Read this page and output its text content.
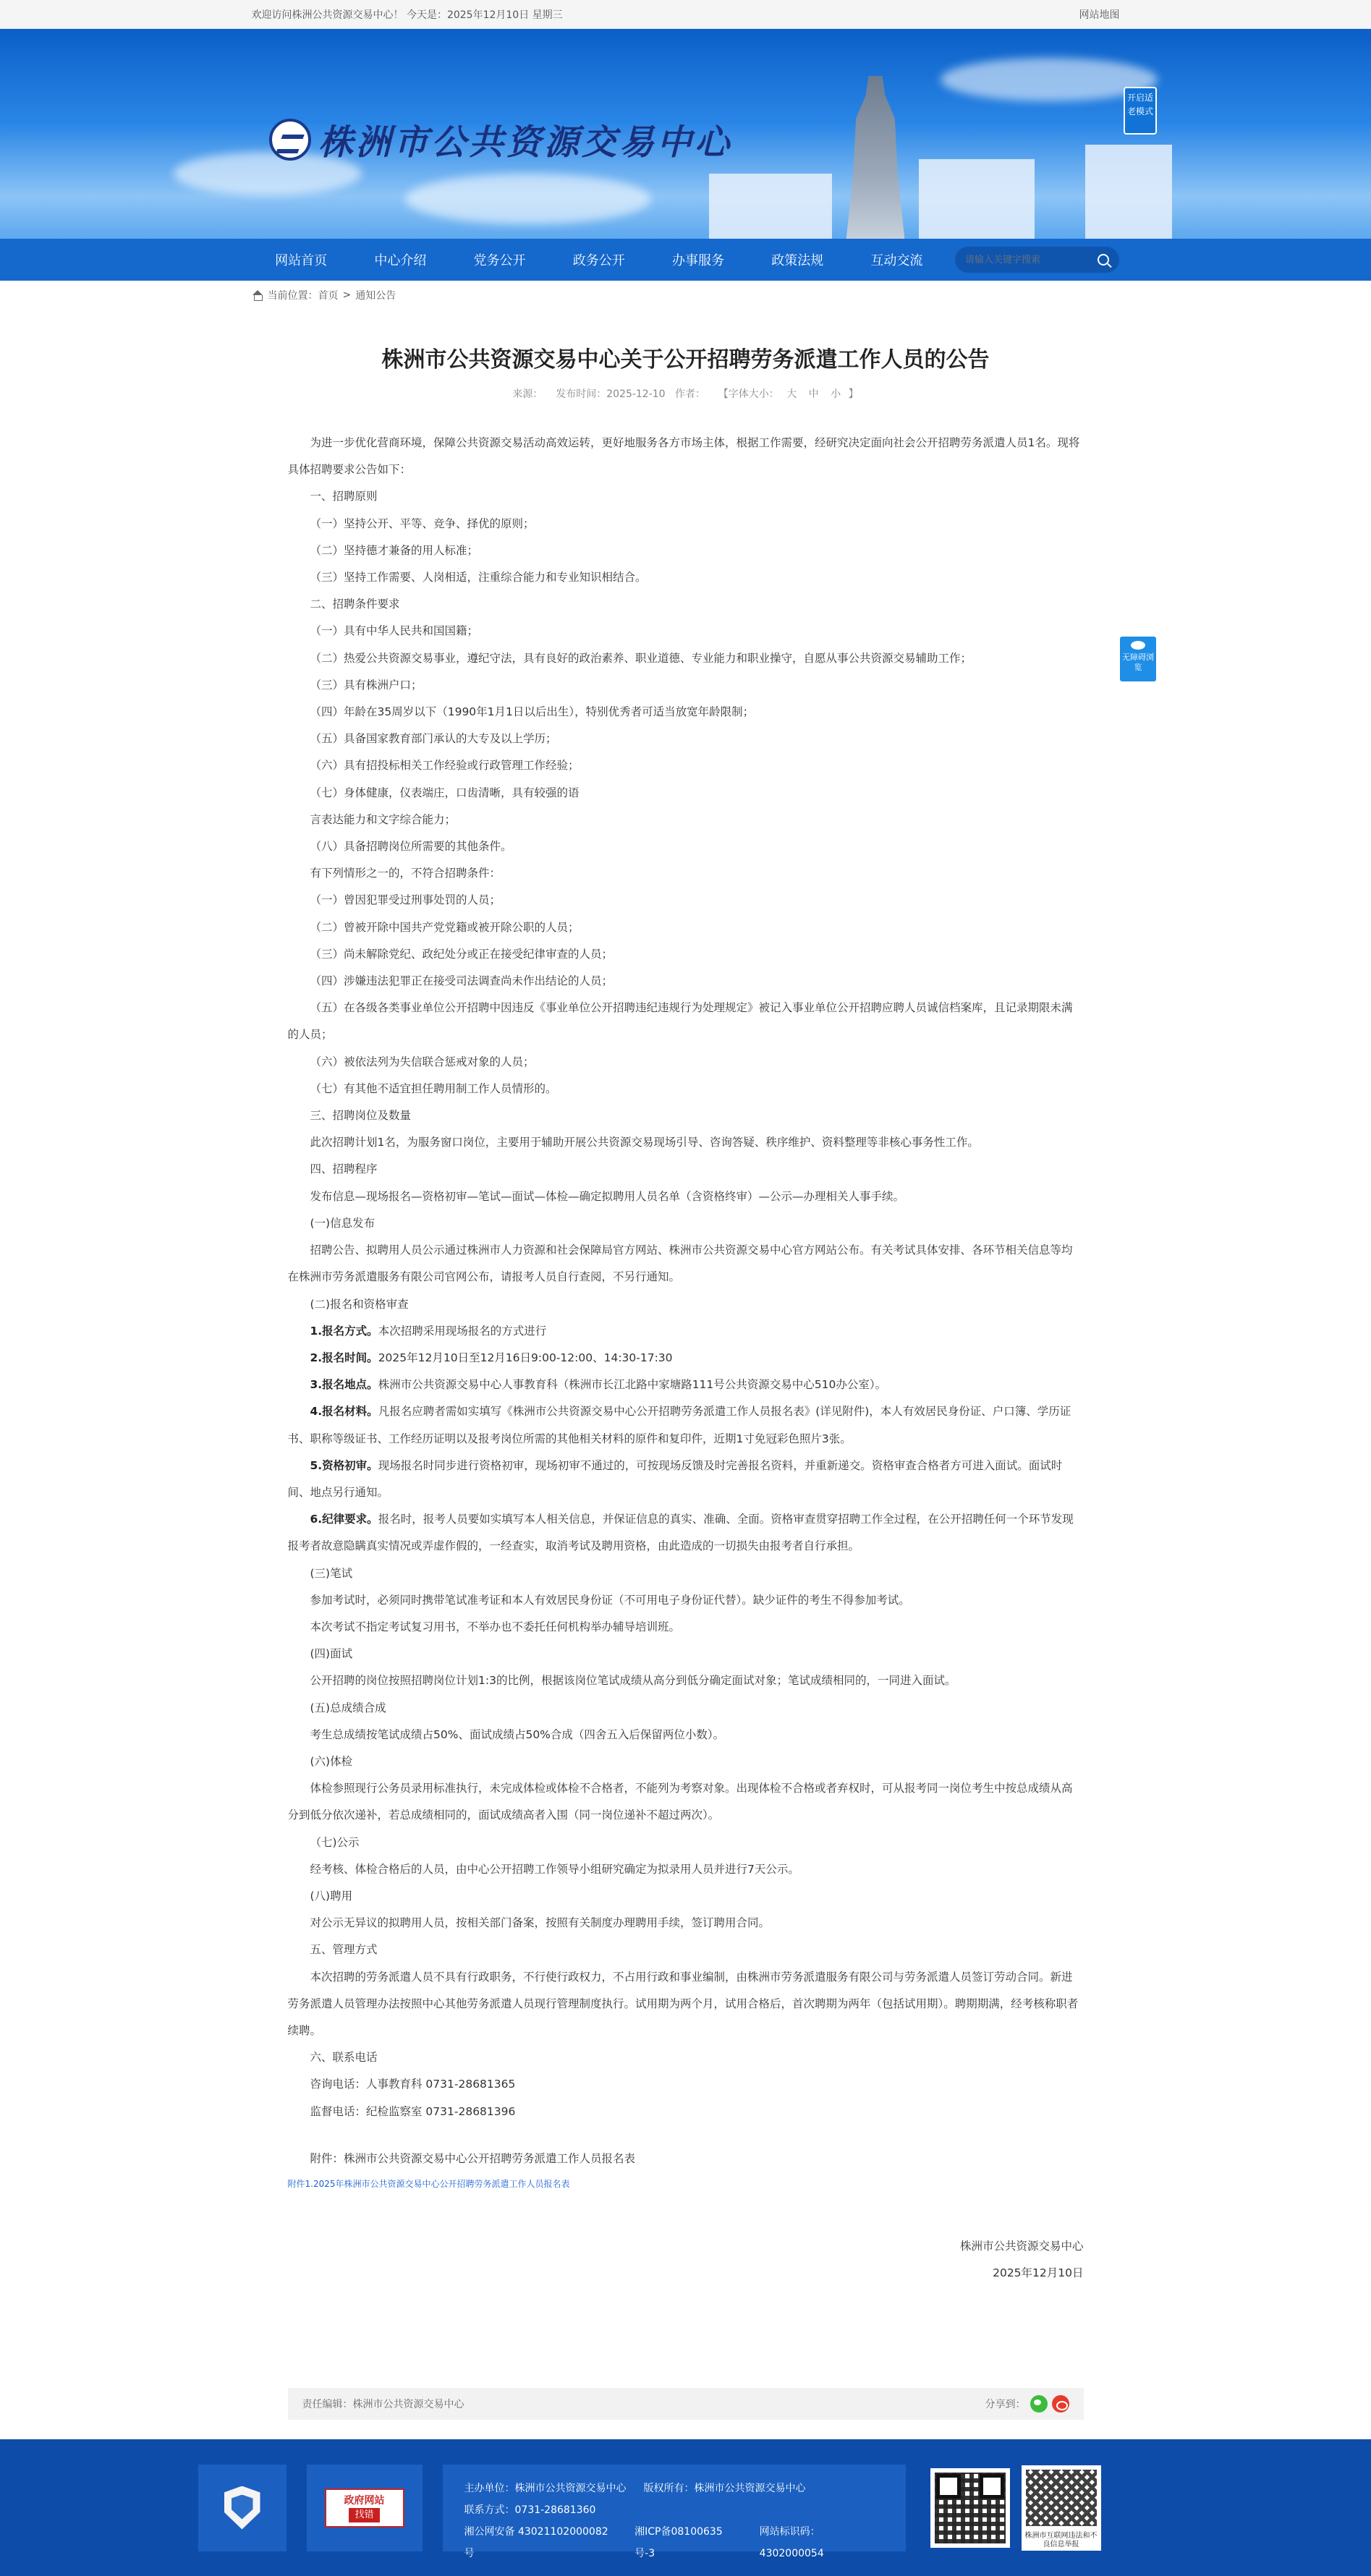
欢迎访问株洲公共资源交易中心！ 今天是：2025年12月10日 星期三	网站地图
株洲市公共资源交易中心
开启适老模式
网站首页	中心介绍	党务公开	政务公开	办事服务	政策法规	互动交流
请输入关键字搜索
当前位置： 首页 > 通知公告
株洲市公共资源交易中心关于公开招聘劳务派遣工作人员的公告
来源： 发布时间：2025-12-10 作者： 【字体大小： 大 中 小 】

为进一步优化营商环境，保障公共资源交易活动高效运转，更好地服务各方市场主体，根据工作需要，经研究决定面向社会公开招聘劳务派遣人员1名。现将具体招聘要求公告如下：

一、招聘原则

（一）坚持公开、平等、竞争、择优的原则；

（二）坚持德才兼备的用人标准；

（三）坚持工作需要、人岗相适，注重综合能力和专业知识相结合。

二、招聘条件要求

（一）具有中华人民共和国国籍；

（二）热爱公共资源交易事业，遵纪守法，具有良好的政治素养、职业道德、专业能力和职业操守，自愿从事公共资源交易辅助工作；

（三）具有株洲户口；

（四）年龄在35周岁以下（1990年1月1日以后出生），特别优秀者可适当放宽年龄限制；

（五）具备国家教育部门承认的大专及以上学历；

（六）具有招投标相关工作经验或行政管理工作经验；

（七）身体健康，仪表端庄，口齿清晰，具有较强的语

言表达能力和文字综合能力；

（八）具备招聘岗位所需要的其他条件。

有下列情形之一的，不符合招聘条件：

（一）曾因犯罪受过刑事处罚的人员；

（二）曾被开除中国共产党党籍或被开除公职的人员；

（三）尚未解除党纪、政纪处分或正在接受纪律审查的人员；

（四）涉嫌违法犯罪正在接受司法调查尚未作出结论的人员；

（五）在各级各类事业单位公开招聘中因违反《事业单位公开招聘违纪违规行为处理规定》被记入事业单位公开招聘应聘人员诚信档案库，且记录期限未满的人员；

（六）被依法列为失信联合惩戒对象的人员；

（七）有其他不适宜担任聘用制工作人员情形的。

三、招聘岗位及数量

此次招聘计划1名，为服务窗口岗位，主要用于辅助开展公共资源交易现场引导、咨询答疑、秩序维护、资料整理等非核心事务性工作。

四、招聘程序

发布信息—现场报名—资格初审—笔试—面试—体检—确定拟聘用人员名单（含资格终审）—公示—办理相关人事手续。

(一)信息发布

招聘公告、拟聘用人员公示通过株洲市人力资源和社会保障局官方网站、株洲市公共资源交易中心官方网站公布。有关考试具体安排、各环节相关信息等均在株洲市劳务派遣服务有限公司官网公布，请报考人员自行查阅，不另行通知。

(二)报名和资格审查

1.报名方式。本次招聘采用现场报名的方式进行

2.报名时间。2025年12月10日至12月16日9:00-12:00、14:30-17:30

3.报名地点。株洲市公共资源交易中心人事教育科（株洲市长江北路中家塘路111号公共资源交易中心510办公室）。

4.报名材料。凡报名应聘者需如实填写《株洲市公共资源交易中心公开招聘劳务派遣工作人员报名表》(详见附件)，本人有效居民身份证、户口簿、学历证书、职称等级证书、工作经历证明以及报考岗位所需的其他相关材料的原件和复印件，近期1寸免冠彩色照片3张。

5.资格初审。现场报名时同步进行资格初审，现场初审不通过的，可按现场反馈及时完善报名资料，并重新递交。资格审查合格者方可进入面试。面试时间、地点另行通知。

6.纪律要求。报名时，报考人员要如实填写本人相关信息，并保证信息的真实、准确、全面。资格审查贯穿招聘工作全过程，在公开招聘任何一个环节发现报考者故意隐瞒真实情况或弄虚作假的，一经查实，取消考试及聘用资格，由此造成的一切损失由报考者自行承担。

(三)笔试

参加考试时，必须同时携带笔试准考证和本人有效居民身份证（不可用电子身份证代替）。缺少证件的考生不得参加考试。

本次考试不指定考试复习用书，不举办也不委托任何机构举办辅导培训班。

(四)面试

公开招聘的岗位按照招聘岗位计划1:3的比例，根据该岗位笔试成绩从高分到低分确定面试对象；笔试成绩相同的，一同进入面试。

(五)总成绩合成

考生总成绩按笔试成绩占50%、面试成绩占50%合成（四舍五入后保留两位小数）。

(六)体检

体检参照现行公务员录用标准执行，未完成体检或体检不合格者，不能列为考察对象。出现体检不合格或者弃权时，可从报考同一岗位考生中按总成绩从高分到低分依次递补，若总成绩相同的，面试成绩高者入围（同一岗位递补不超过两次）。

（七)公示

经考核、体检合格后的人员，由中心公开招聘工作领导小组研究确定为拟录用人员并进行7天公示。

(八)聘用

对公示无异议的拟聘用人员，按相关部门备案，按照有关制度办理聘用手续，签订聘用合同。

五、管理方式

本次招聘的劳务派遣人员不具有行政职务，不行使行政权力，不占用行政和事业编制，由株洲市劳务派遣服务有限公司与劳务派遣人员签订劳动合同。新进劳务派遣人员管理办法按照中心其他劳务派遣人员现行管理制度执行。试用期为两个月，试用合格后，首次聘期为两年（包括试用期）。聘期期满，经考核称职者续聘。

六、联系电话

咨询电话：人事教育科 0731-28681365

监督电话：纪检监察室 0731-28681396

附件：株洲市公共资源交易中心公开招聘劳务派遣工作人员报名表

附件1.2025年株洲市公共资源交易中心公开招聘劳务派遣工作人员报名表
株洲市公共资源交易中心
2025年12月10日
责任编辑：株洲市公共资源交易中心	分享到：
无障碍浏览
政府网站
找错
主办单位：株洲市公共资源交易中心 版权所有：株洲市公共资源交易中心
联系方式：0731-28681360
湘公网安备 43021102000082号
湘ICP备08100635号-3
网站标识码：4302000054
株洲市互联网违法和不良信息举报
